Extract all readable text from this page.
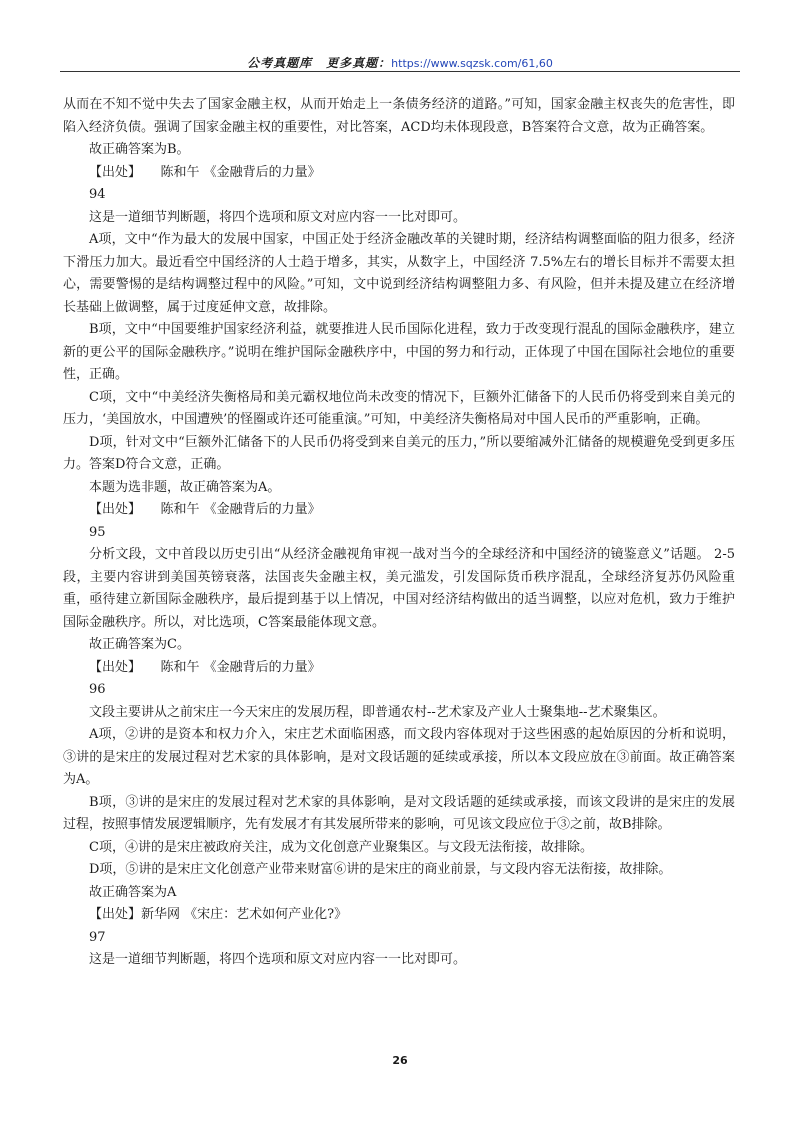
公考真题库 更多真题：https://www.sqzsk.com/61,60

从而在不知不觉中失去了国家金融主权，从而开始走上一条债务经济的道路。”可知，国家金融主权丧失的危害性，即陷入经济负债。强调了国家金融主权的重要性，对比答案，ACD均未体现段意，B答案符合文意，故为正确答案。

故正确答案为B。

【出处】　　陈和午 《金融背后的力量》

94

这是一道细节判断题，将四个选项和原文对应内容一一比对即可。

A项，文中“作为最大的发展中国家，中国正处于经济金融改革的关键时期，经济结构调整面临的阻力很多，经济下滑压力加大。最近看空中国经济的人士趋于增多，其实，从数字上，中国经济 7.5%左右的增长目标并不需要太担心，需要警惕的是结构调整过程中的风险。”可知，文中说到经济结构调整阻力多、有风险，但并未提及建立在经济增长基础上做调整，属于过度延伸文意，故排除。

B项，文中“中国要维护国家经济利益，就要推进人民币国际化进程，致力于改变现行混乱的国际金融秩序，建立新的更公平的国际金融秩序。”说明在维护国际金融秩序中，中国的努力和行动，正体现了中国在国际社会地位的重要性，正确。

C项，文中“中美经济失衡格局和美元霸权地位尚未改变的情况下，巨额外汇储备下的人民币仍将受到来自美元的压力，‘美国放水，中国遭殃’的怪圈或许还可能重演。”可知，中美经济失衡格局对中国人民币的严重影响，正确。

D项，针对文中“巨额外汇储备下的人民币仍将受到来自美元的压力，”所以要缩减外汇储备的规模避免受到更多压力。答案D符合文意，正确。

本题为选非题，故正确答案为A。

【出处】　　陈和午 《金融背后的力量》

95

分析文段，文中首段以历史引出“从经济金融视角审视一战对当今的全球经济和中国经济的镜鉴意义”话题。 2-5段，主要内容讲到美国英镑衰落，法国丧失金融主权，美元滥发，引发国际货币秩序混乱，全球经济复苏仍风险重重，亟待建立新国际金融秩序，最后提到基于以上情况，中国对经济结构做出的适当调整，以应对危机，致力于维护国际金融秩序。所以，对比选项，C答案最能体现文意。

故正确答案为C。

【出处】　　陈和午 《金融背后的力量》

96

文段主要讲从之前宋庄一今天宋庄的发展历程，即普通农村--艺术家及产业人士聚集地--艺术聚集区。

A项，②讲的是资本和权力介入，宋庄艺术面临困惑，而文段内容体现对于这些困惑的起始原因的分析和说明，③讲的是宋庄的发展过程对艺术家的具体影响，是对文段话题的延续或承接，所以本文段应放在③前面。故正确答案为A。

B项，③讲的是宋庄的发展过程对艺术家的具体影响，是对文段话题的延续或承接，而该文段讲的是宋庄的发展过程，按照事情发展逻辑顺序，先有发展才有其发展所带来的影响，可见该文段应位于③之前，故B排除。

C项，④讲的是宋庄被政府关注，成为文化创意产业聚集区。与文段无法衔接，故排除。

D项，⑤讲的是宋庄文化创意产业带来财富⑥讲的是宋庄的商业前景，与文段内容无法衔接，故排除。

故正确答案为A

【出处】新华网 《宋庄：艺术如何产业化?》

97

这是一道细节判断题，将四个选项和原文对应内容一一比对即可。

26
